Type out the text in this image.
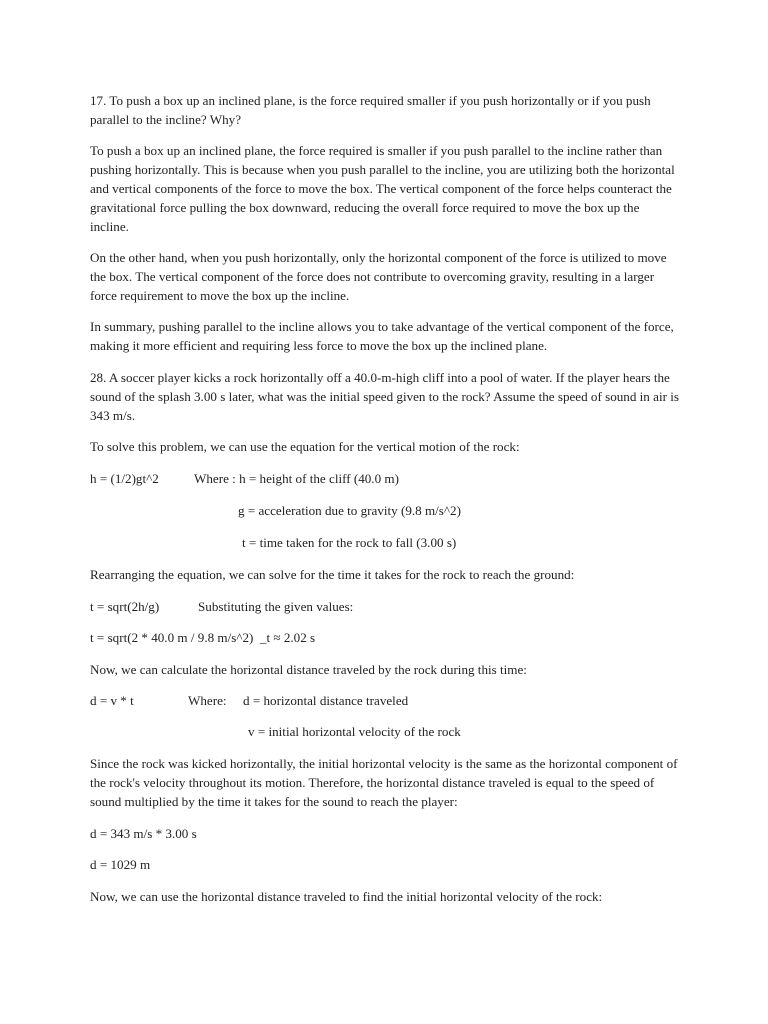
17. To push a box up an inclined plane, is the force required smaller if you push horizontally or if you push parallel to the incline? Why?

To push a box up an inclined plane, the force required is smaller if you push parallel to the incline rather than pushing horizontally. This is because when you push parallel to the incline, you are utilizing both the horizontal and vertical components of the force to move the box. The vertical component of the force helps counteract the gravitational force pulling the box downward, reducing the overall force required to move the box up the incline.

On the other hand, when you push horizontally, only the horizontal component of the force is utilized to move the box. The vertical component of the force does not contribute to overcoming gravity, resulting in a larger force requirement to move the box up the incline.

In summary, pushing parallel to the incline allows you to take advantage of the vertical component of the force, making it more efficient and requiring less force to move the box up the inclined plane.

28. A soccer player kicks a rock horizontally off a 40.0-m-high cliff into a pool of water. If the player hears the sound of the splash 3.00 s later, what was the initial speed given to the rock? Assume the speed of sound in air is 343 m/s.

To solve this problem, we can use the equation for the vertical motion of the rock:

h = (1/2)gt^2	Where : h = height of the cliff (40.0 m)
g = acceleration due to gravity (9.8 m/s^2)
t = time taken for the rock to fall (3.00 s)
Rearranging the equation, we can solve for the time it takes for the rock to reach the ground:
t = sqrt(2h/g)	Substituting the given values:
t = sqrt(2 * 40.0 m / 9.8 m/s^2)  _t ≈ 2.02 s
Now, we can calculate the horizontal distance traveled by the rock during this time:
d = v * t	Where: d = horizontal distance traveled
v = initial horizontal velocity of the rock

Since the rock was kicked horizontally, the initial horizontal velocity is the same as the horizontal component of the rock's velocity throughout its motion. Therefore, the horizontal distance traveled is equal to the speed of sound multiplied by the time it takes for the sound to reach the player:

d = 343 m/s * 3.00 s
d = 1029 m
Now, we can use the horizontal distance traveled to find the initial horizontal velocity of the rock:
